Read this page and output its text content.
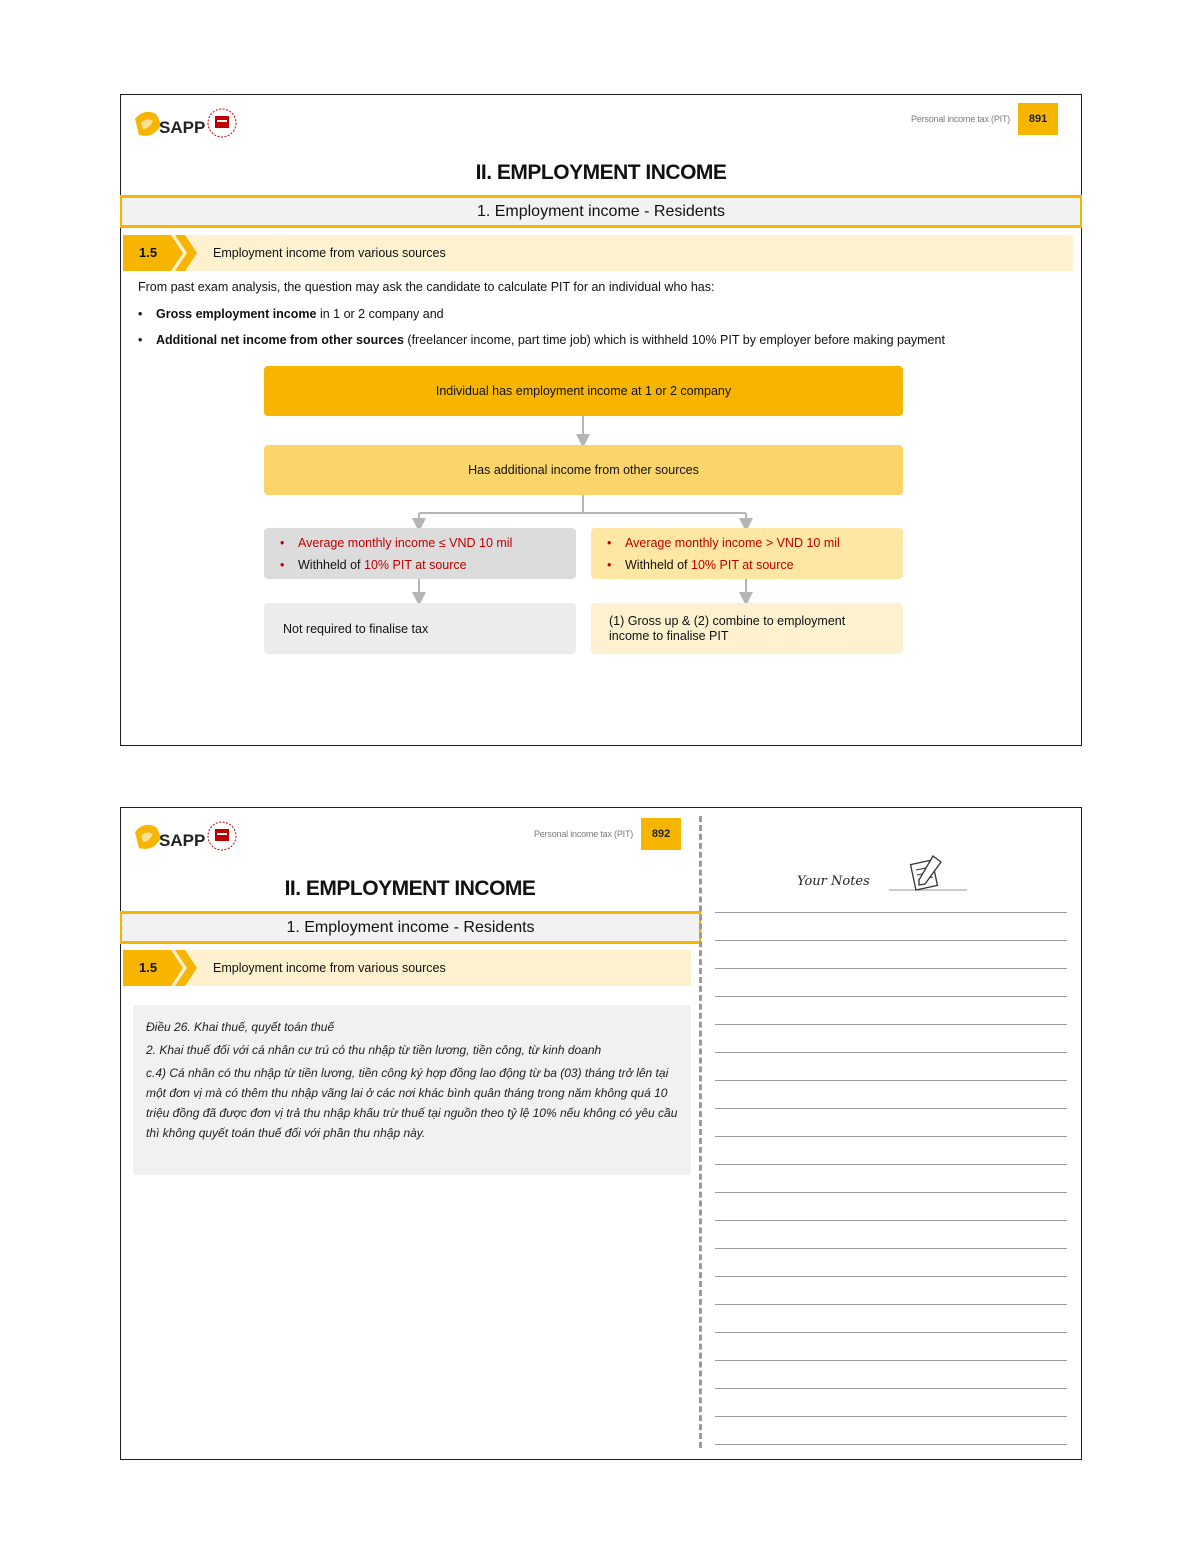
SAPP	Personal income tax (PIT)	891
II. EMPLOYMENT INCOME
1. Employment income - Residents
1.5	Employment income from various sources
From past exam analysis, the question may ask the candidate to calculate PIT for an individual who has:
• Gross employment income in 1 or 2 company and
• Additional net income from other sources (freelancer income, part time job) which is withheld 10% PIT by employer before making payment
Individual has employment income at 1 or 2 company
Has additional income from other sources
• Average monthly income ≤ VND 10 mil
• Withheld of 10% PIT at source
• Average monthly income > VND 10 mil
• Withheld of 10% PIT at source
Not required to finalise tax
(1) Gross up & (2) combine to employment income to finalise PIT
SAPP	Personal income tax (PIT)	892
II. EMPLOYMENT INCOME
1. Employment income - Residents
1.5	Employment income from various sources

Điều 26. Khai thuế, quyết toán thuế

2. Khai thuế đối với cá nhân cư trú có thu nhập từ tiền lương, tiền công, từ kinh doanh

c.4) Cá nhân có thu nhập từ tiền lương, tiền công ký hợp đồng lao động từ ba (03) tháng trở lên tại một đơn vị mà có thêm thu nhập vãng lai ở các nơi khác bình quân tháng trong năm không quá 10 triệu đồng đã được đơn vị trả thu nhập khấu trừ thuế tại nguồn theo tỷ lệ 10% nếu không có yêu cầu thì không quyết toán thuế đối với phần thu nhập này.

Your Notes
